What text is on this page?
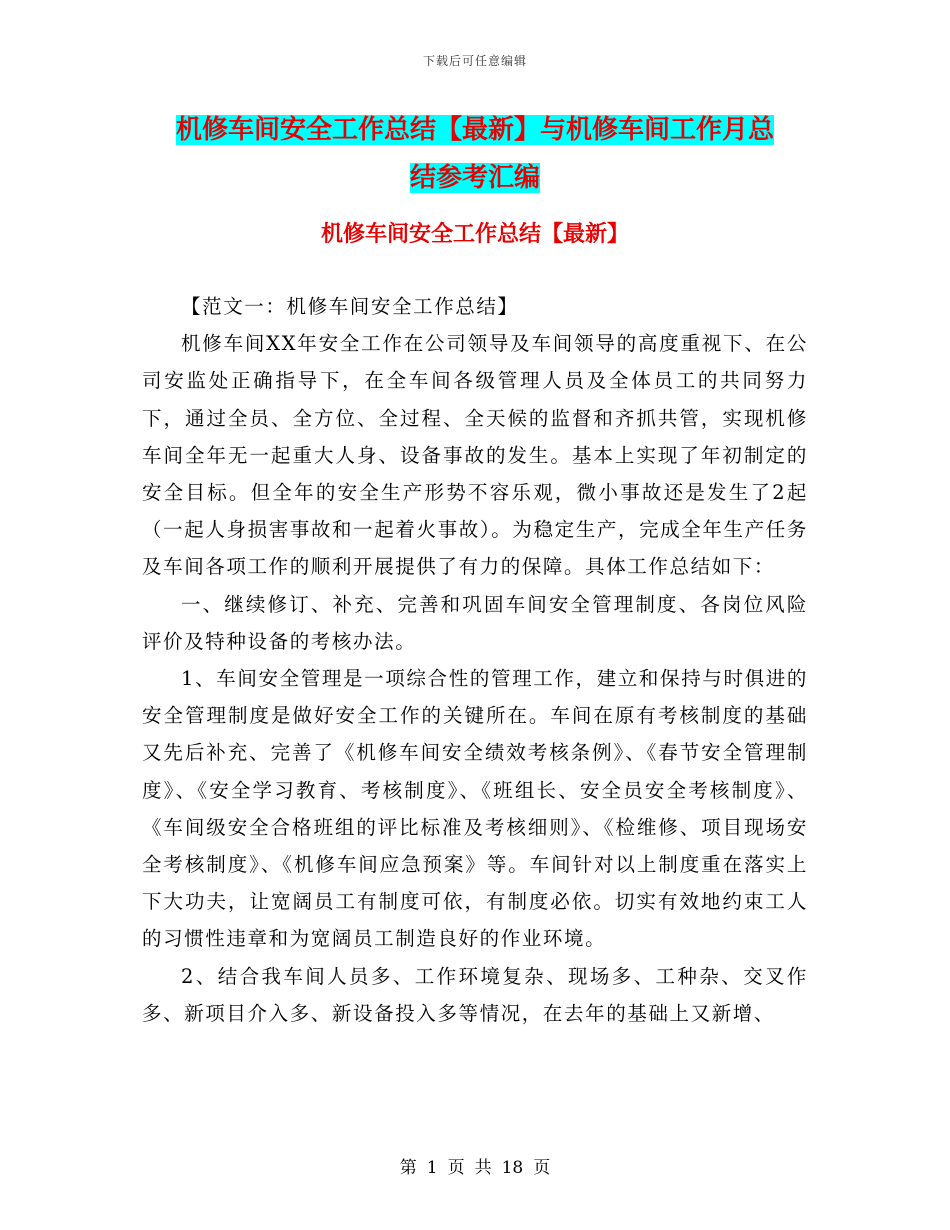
下载后可任意编辑
机修车间安全工作总结【最新】与机修车间工作月总
结参考汇编
机修车间安全工作总结【最新】

【范文一：机修车间安全工作总结】

机修车间XX年安全工作在公司领导及车间领导的高度重视下、在公司安监处正确指导下，在全车间各级管理人员及全体员工的共同努力下，通过全员、全方位、全过程、全天候的监督和齐抓共管，实现机修车间全年无一起重大人身、设备事故的发生。基本上实现了年初制定的安全目标。但全年的安全生产形势不容乐观，微小事故还是发生了2起（一起人身损害事故和一起着火事故）。为稳定生产，完成全年生产任务及车间各项工作的顺利开展提供了有力的保障。具体工作总结如下：

一、继续修订、补充、完善和巩固车间安全管理制度、各岗位风险评价及特种设备的考核办法。

1、车间安全管理是一项综合性的管理工作，建立和保持与时俱进的安全管理制度是做好安全工作的关键所在。车间在原有考核制度的基础又先后补充、完善了《机修车间安全绩效考核条例》、《春节安全管理制度》、《安全学习教育、考核制度》、《班组长、安全员安全考核制度》、《车间级安全合格班组的评比标准及考核细则》、《检维修、项目现场安全考核制度》、《机修车间应急预案》等。车间针对以上制度重在落实上下大功夫，让宽阔员工有制度可依，有制度必依。切实有效地约束工人的习惯性违章和为宽阔员工制造良好的作业环境。

2、结合我车间人员多、工作环境复杂、现场多、工种杂、交叉作多、新项目介入多、新设备投入多等情况，在去年的基础上又新增、

第 1 页 共 18 页
